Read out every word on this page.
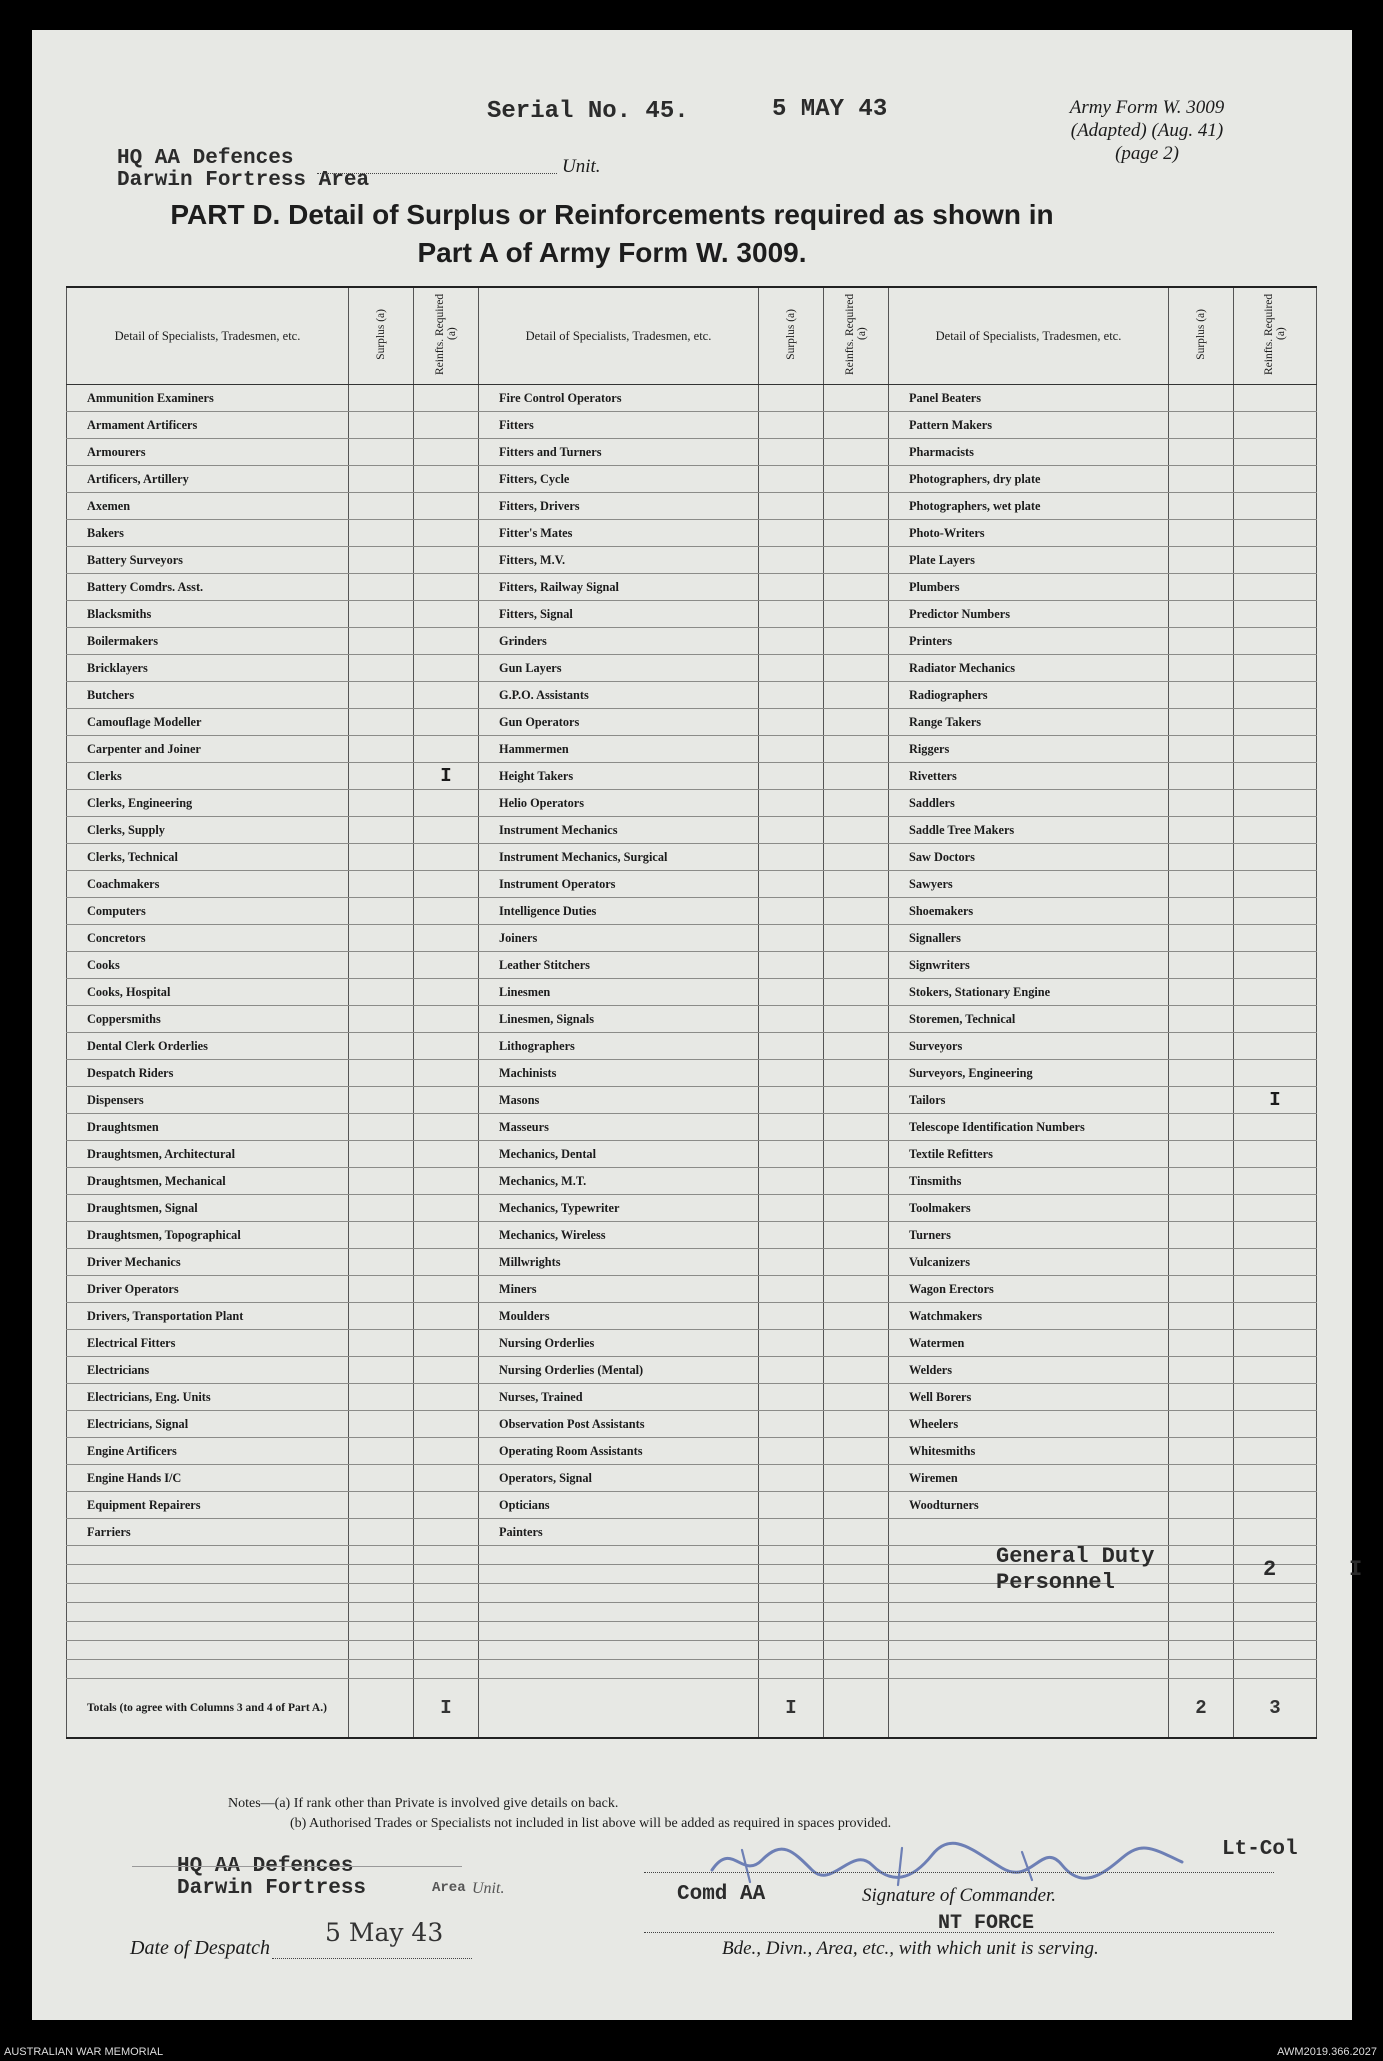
Serial No. 45.	5 MAY 43	Army Form W. 3009
(Adapted) (Aug. 41)
(page 2)
HQ AA Defences
Darwin Fortress Area
Unit.
PART D. Detail of Surplus or Reinforcements required as shown in
Part A of Army Form W. 3009.
Detail of Specialists, Tradesmen, etc.	Surplus (a)	Reinfts. Required (a)	Detail of Specialists, Tradesmen, etc.	Surplus (a)	Reinfts. Required (a)	Detail of Specialists, Tradesmen, etc.	Surplus (a)	Reinfts. Required (a)
Ammunition Examiners			Fire Control Operators			Panel Beaters		
Armament Artificers			Fitters			Pattern Makers		
Armourers			Fitters and Turners			Pharmacists		
Artificers, Artillery			Fitters, Cycle			Photographers, dry plate		
Axemen			Fitters, Drivers			Photographers, wet plate		
Bakers			Fitter's Mates			Photo-Writers		
Battery Surveyors			Fitters, M.V.			Plate Layers		
Battery Comdrs. Asst.			Fitters, Railway Signal			Plumbers		
Blacksmiths			Fitters, Signal			Predictor Numbers		
Boilermakers			Grinders			Printers		
Bricklayers			Gun Layers			Radiator Mechanics		
Butchers			G.P.O. Assistants			Radiographers		
Camouflage Modeller			Gun Operators			Range Takers		
Carpenter and Joiner			Hammermen			Riggers		
Clerks		I	Height Takers			Rivetters		
Clerks, Engineering			Helio Operators			Saddlers		
Clerks, Supply			Instrument Mechanics			Saddle Tree Makers		
Clerks, Technical			Instrument Mechanics, Surgical			Saw Doctors		
Coachmakers			Instrument Operators			Sawyers		
Computers			Intelligence Duties			Shoemakers		
Concretors			Joiners			Signallers		
Cooks			Leather Stitchers			Signwriters		
Cooks, Hospital			Linesmen			Stokers, Stationary Engine		
Coppersmiths			Linesmen, Signals			Storemen, Technical		
Dental Clerk Orderlies			Lithographers			Surveyors		
Despatch Riders			Machinists			Surveyors, Engineering		
Dispensers			Masons			Tailors		I
Draughtsmen			Masseurs			Telescope Identification Numbers		
Draughtsmen, Architectural			Mechanics, Dental			Textile Refitters		
Draughtsmen, Mechanical			Mechanics, M.T.			Tinsmiths		
Draughtsmen, Signal			Mechanics, Typewriter			Toolmakers		
Draughtsmen, Topographical			Mechanics, Wireless			Turners		
Driver Mechanics			Millwrights			Vulcanizers		
Driver Operators			Miners			Wagon Erectors		
Drivers, Transportation Plant			Moulders			Watchmakers		
Electrical Fitters			Nursing Orderlies			Watermen		
Electricians			Nursing Orderlies (Mental)			Welders		
Electricians, Eng. Units			Nurses, Trained			Well Borers		
Electricians, Signal			Observation Post Assistants			Wheelers		
Engine Artificers			Operating Room Assistants			Whitesmiths		
Engine Hands I/C			Operators, Signal			Wiremen		
Equipment Repairers			Opticians			Woodturners		
Farriers			Painters					

Totals (to agree with Columns 3 and 4 of Part A.)		I		I			2	3
General Duty
Personnel
2	I
Notes—(a) If rank other than Private is involved give details on back.
(b) Authorised Trades or Specialists not included in list above will be added as required in spaces provided.
HQ AA Defences
Darwin Fortress	Area Unit.
Date of Despatch
5 May 43
Lt-Col
Comd AA	Signature of Commander.
NT FORCE
Bde., Divn., Area, etc., with which unit is serving.
AUSTRALIAN WAR MEMORIAL	AWM2019.366.2027
